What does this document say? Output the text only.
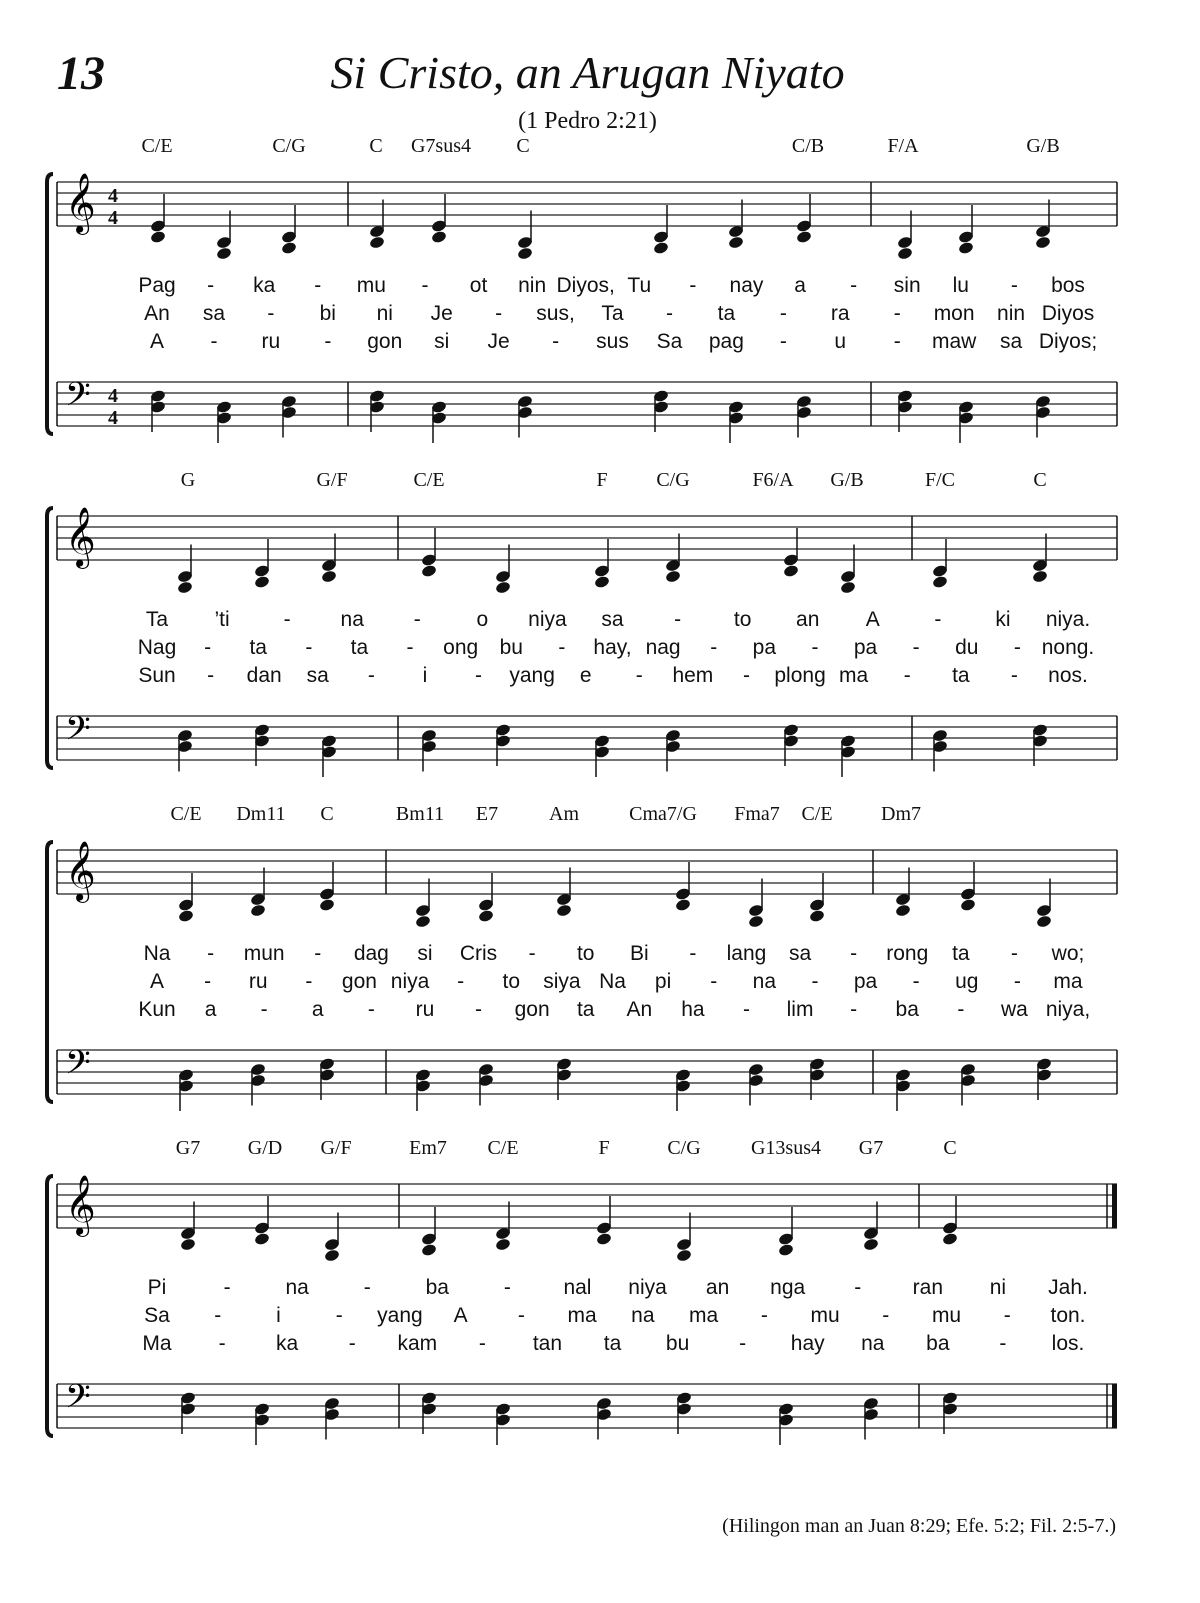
13	Si Cristo, an Arugan Niyato
(1 Pedro 2:21)
𝄞 4
4
𝄢 4
4
C/E	C/G	C G7sus4 C	C/B	F/A	G/B
Pag - ka - mu - ot nin Diyos, Tu - nay a - sin lu - bos
An sa - bi ni Je - sus, Ta - ta - ra - mon nin Diyos
A - ru - gon si Je - sus Sa pag - u - maw sa Diyos;
𝄞
𝄢
G	G/F	C/E	F C/G	F6/A G/B	F/C	C
Ta ’ti	- na -	o niya sa -	to an A	-	ki niya.
Nag - ta - ta - ong bu - hay, nag - pa - pa - du - nong.
Sun - dan sa - i - yang e - hem - plong ma - ta - nos.
𝄞
𝄢
C/E Dm11 C	Bm11 E7	Am	Cma7/G Fma7 C/E Dm7
Na - mun - dag si Cris - to Bi - lang sa - rong ta - wo;
A - ru - gon niya - to siya Na pi - na - pa - ug - ma
Kun a - a - ru - gon ta An ha - lim - ba - wa niya,
𝄞
𝄢
G7 G/D G/F	Em7 C/E	F	C/G	G13sus4 G7	C
Pi	-	na	-	ba	-	nal niya an nga - ran ni Jah.
Sa -	i	- yang A - ma na ma - mu - mu - ton.
Ma - ka - kam - tan ta bu - hay na ba - los.
(Hilingon man an Juan 8:29; Efe. 5:2; Fil. 2:5-7.)
